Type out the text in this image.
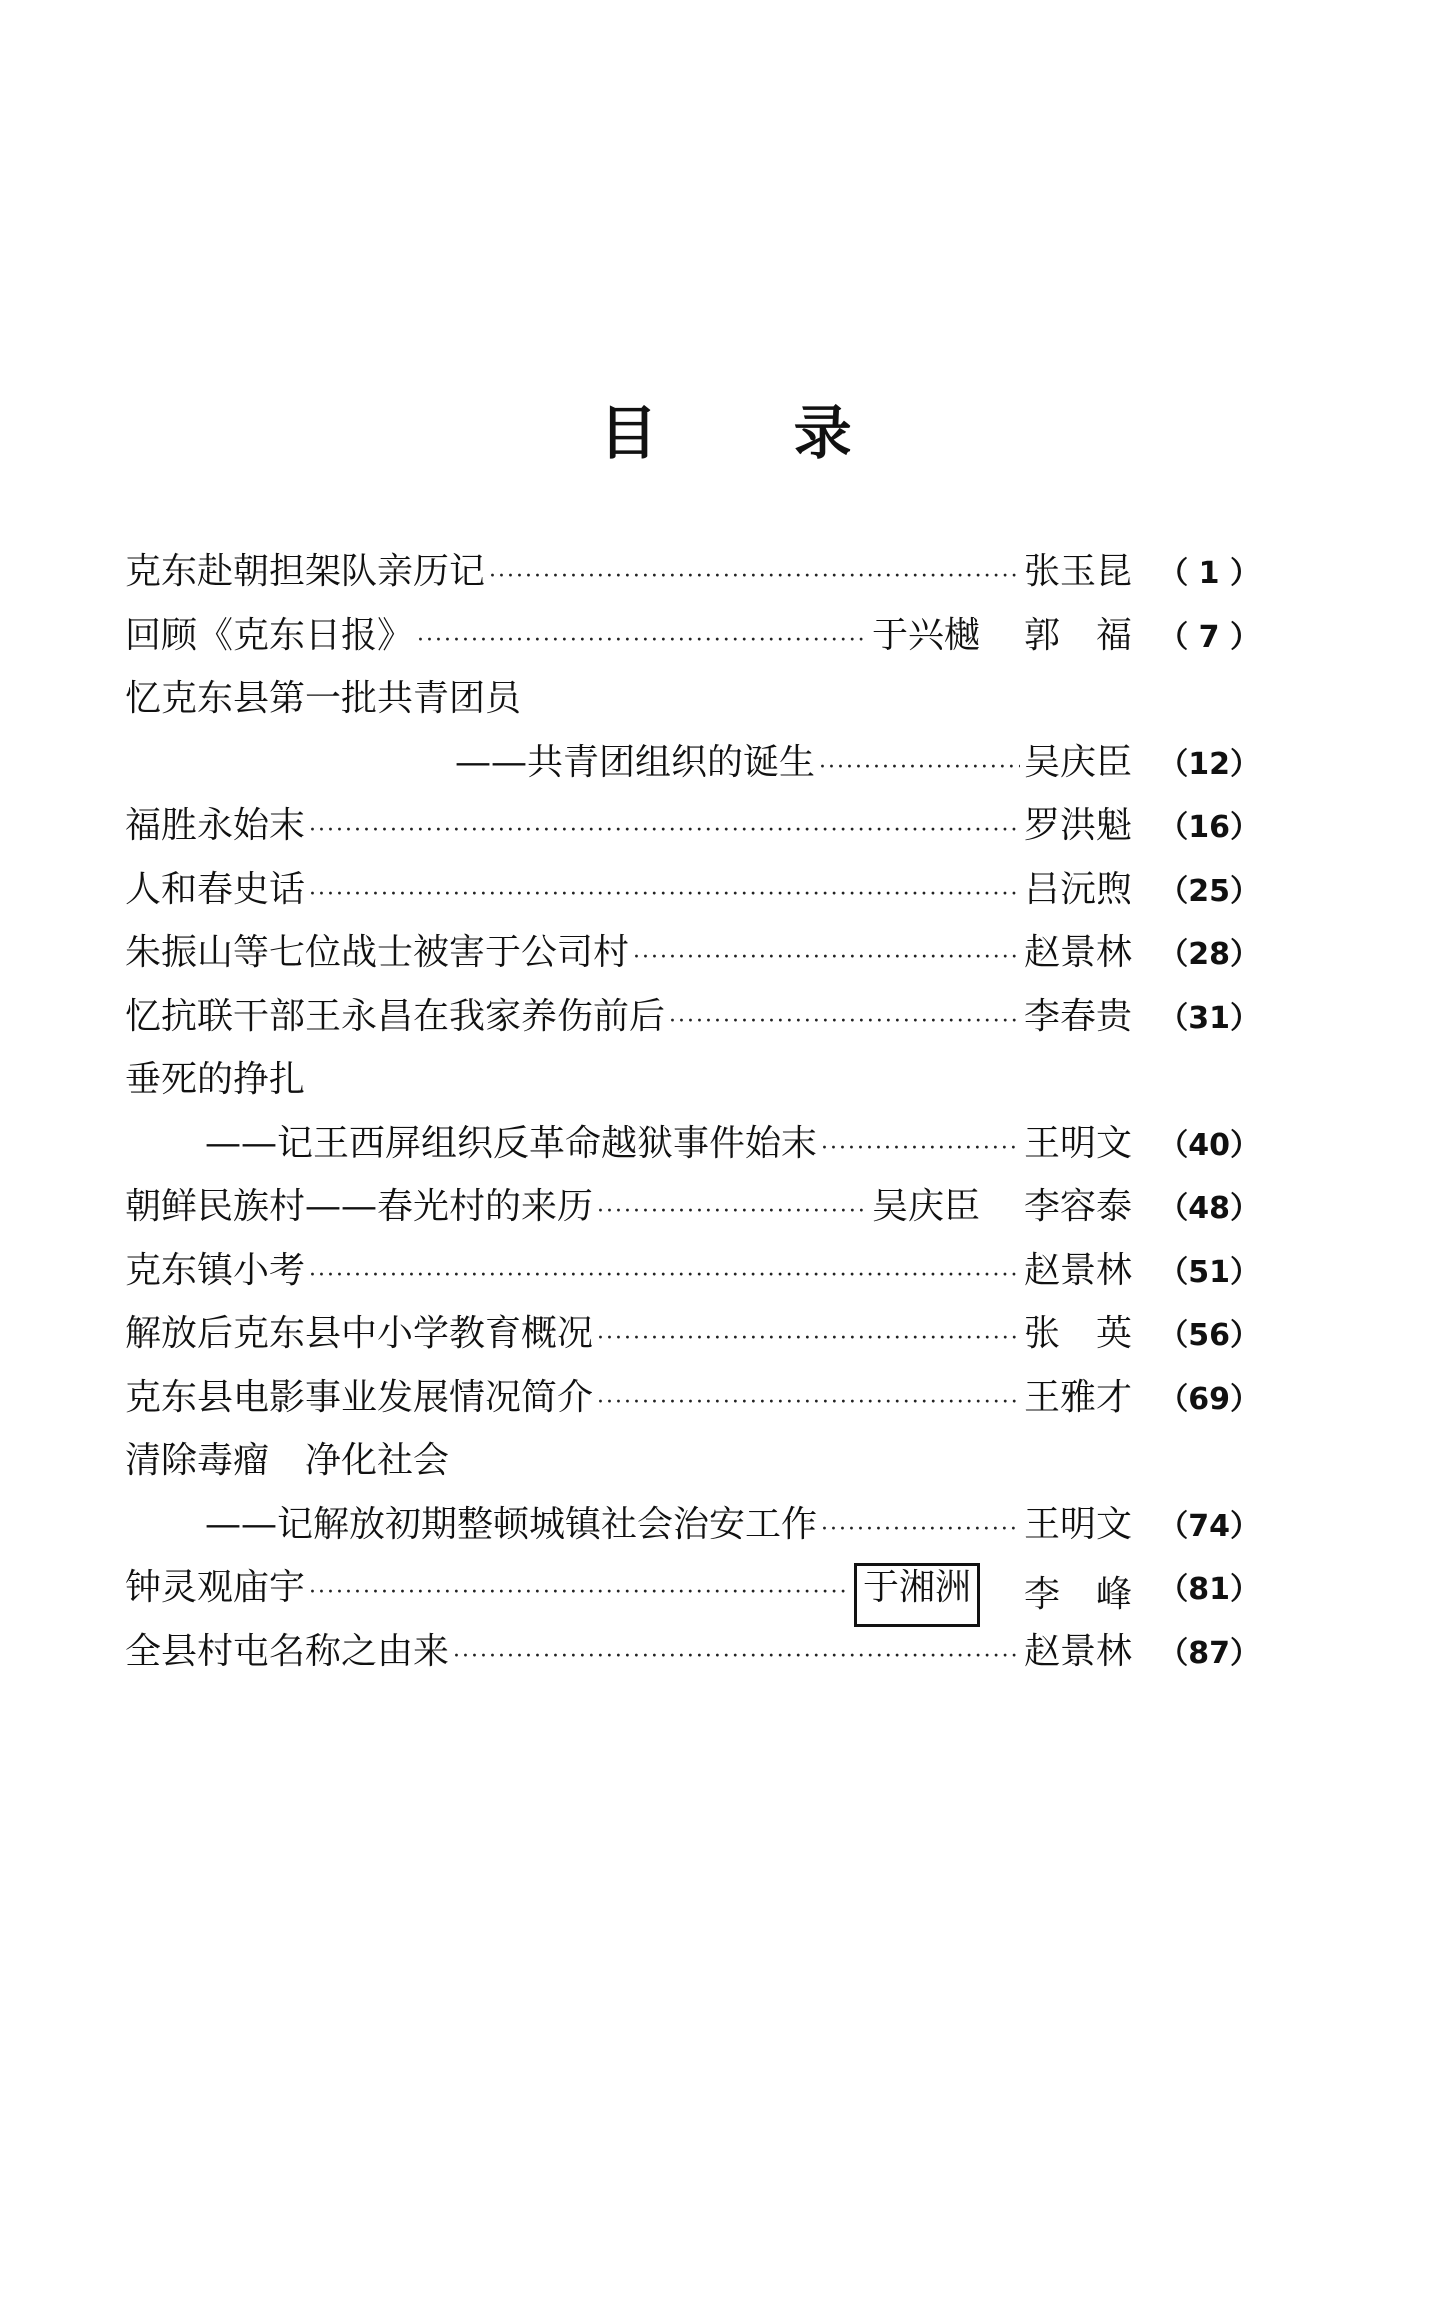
目 录
克东赴朝担架队亲历记 ·····	张玉昆 （ 1 ）
回顾《克东日报》 ·····	于兴樾 郭　福 （ 7 ）
忆克东县第一批共青团员
——共青团组织的诞生 ·····	吴庆臣 （12）
福胜永始末 ·····	罗洪魁 （16）
人和春史话 ·····	吕沅煦 （25）
朱振山等七位战士被害于公司村 ·····	赵景林 （28）
忆抗联干部王永昌在我家养伤前后 ·····	李春贵 （31）
垂死的挣扎
——记王西屏组织反革命越狱事件始末 ·····	王明文 （40）
朝鲜民族村——春光村的来历 ·····	吴庆臣 李容泰 （48）
克东镇小考 ·····	赵景林 （51）
解放后克东县中小学教育概况 ·····	张　英 （56）
克东县电影事业发展情况简介 ·····	王雅才 （69）
清除毒瘤　净化社会
——记解放初期整顿城镇社会治安工作 ·····	王明文 （74）
钟灵观庙宇 ·····	于湘洲 李　峰 （81）
全县村屯名称之由来 ·····	赵景林 （87）
